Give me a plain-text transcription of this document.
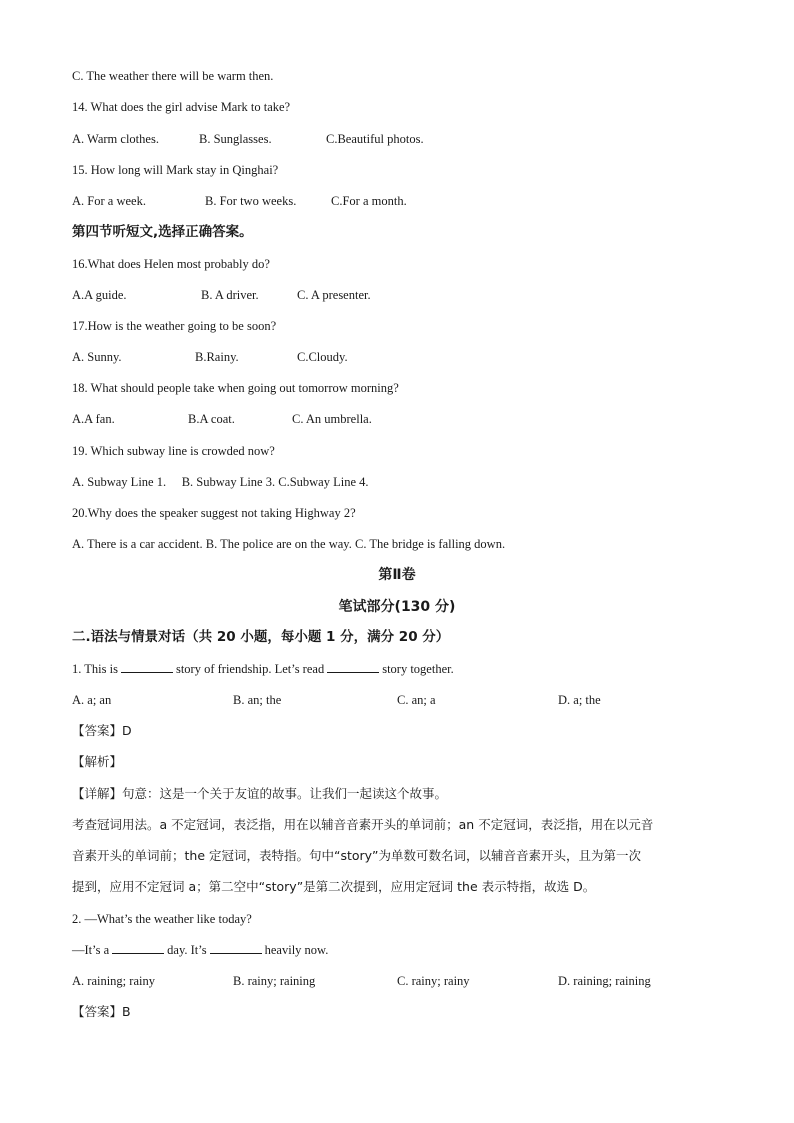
C. The weather there will be warm then.
14. What does the girl advise Mark to take?
A. Warm clothes.	B. Sunglasses.	C.Beautiful photos.
15. How long will Mark stay in Qinghai?
A. For a week.	B. For two weeks.	C.For a month.
第四节听短文,选择正确答案。
16.What does Helen most probably do?
A.A guide.	B. A driver.	C. A presenter.
17.How is the weather going to be soon?
A. Sunny.	B.Rainy.	C.Cloudy.
18. What should people take when going out tomorrow morning?
A.A fan.	B.A coat.	C. An umbrella.
19. Which subway line is crowded now?
A. Subway Line 1.     B. Subway Line 3. C.Subway Line 4.
20.Why does the speaker suggest not taking Highway 2?
A. There is a car accident. B. The police are on the way. C. The bridge is falling down.
第Ⅱ卷
笔试部分(130 分)
二.语法与情景对话（共 20 小题，每小题 1 分，满分 20 分）
1. This is	story of friendship. Let’s read	story together.
A. a; an	B. an; the	C. an; a	D. a; the
【答案】D
【解析】
【详解】句意：这是一个关于友谊的故事。让我们一起读这个故事。
考查冠词用法。a 不定冠词，表泛指，用在以辅音音素开头的单词前；an 不定冠词，表泛指，用在以元音
音素开头的单词前；the 定冠词，表特指。句中“story”为单数可数名词，以辅音音素开头，且为第一次
提到，应用不定冠词 a；第二空中“story”是第二次提到，应用定冠词 the 表示特指，故选 D。
2. —What’s the weather like today?
—It’s a	day. It’s	heavily now.
A. raining; rainy	B. rainy; raining	C. rainy; rainy	D. raining; raining
【答案】B
